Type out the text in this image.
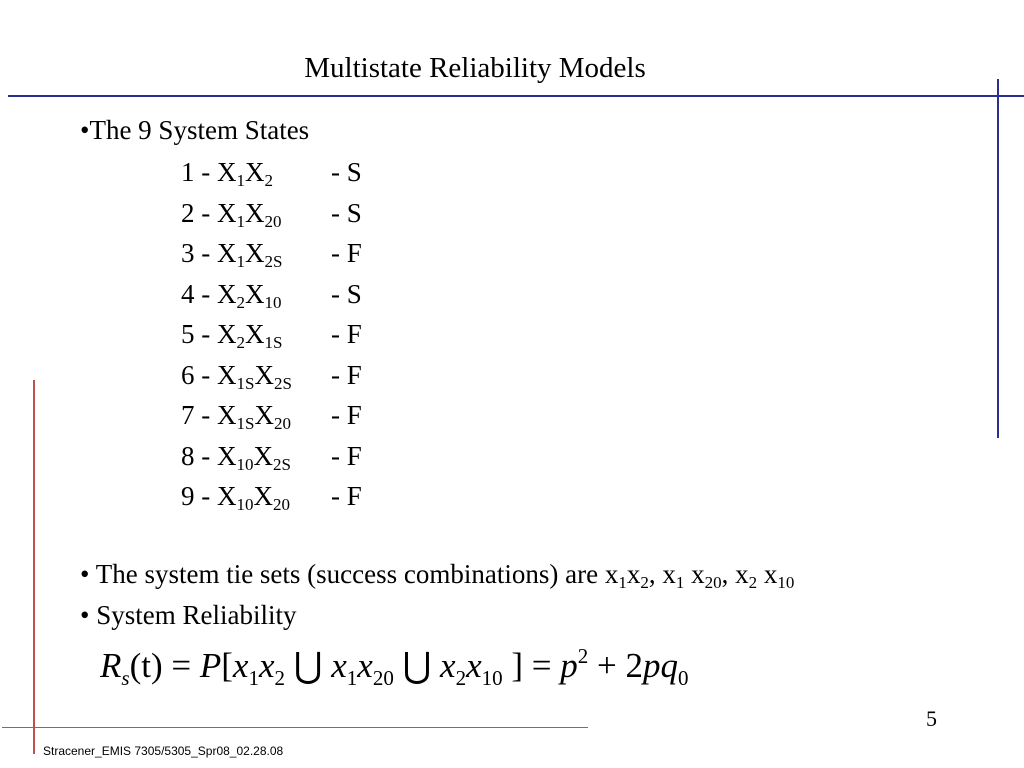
Multistate Reliability Models
•The 9 System States
$1 - X_1X_2$ - S
$2 - X_1X_{20}$ - S
$3 - X_1X_{2S}$ - F
$4 - X_2X_{10}$ - S
$5 - X_2X_{1S}$ - F
$6 - X_{1S}X_{2S}$ - F
$7 - X_{1S}X_{20}$ - F
$8 - X_{10}X_{2S}$ - F
$9 - X_{10}X_{20}$ - F
• The system tie sets (success combinations) are $x_1x_2$, $x_1$ $x_{20}$, $x_2$ $x_{10}$
• System Reliability
$R_s(t) = P[x_1x_2$ ⋃ $x_1x_{20}$ ⋃ $x_2x_{10}$ ] = $p^2 + 2pq_0$
5
Stracener_EMIS 7305/5305_Spr08_02.28.08
